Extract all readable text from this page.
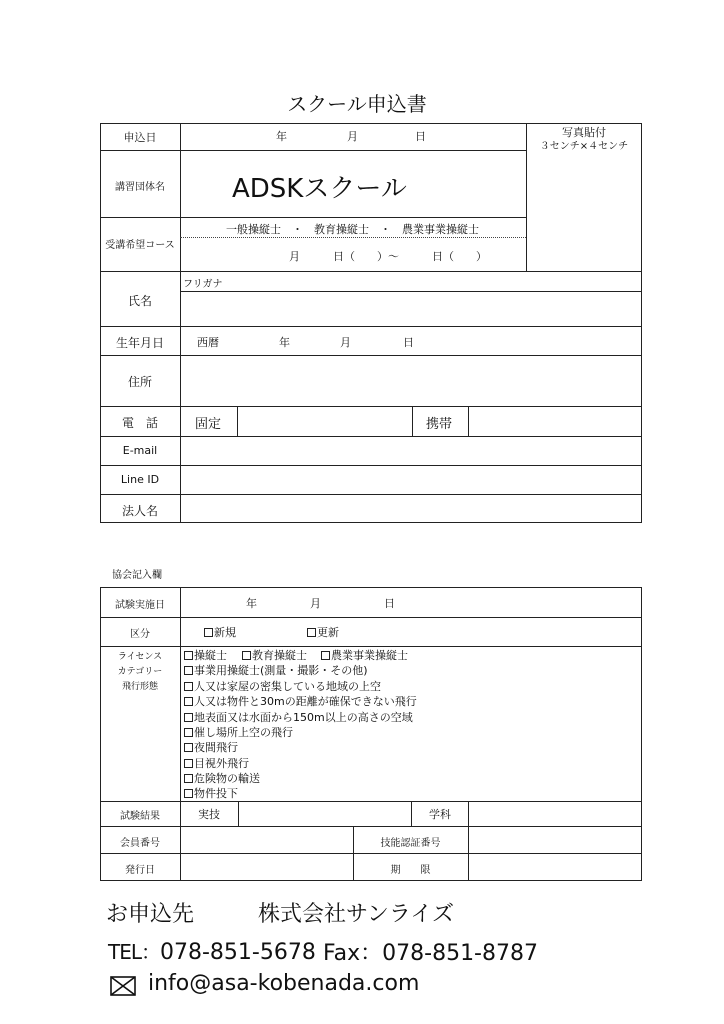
スクール申込書
写真貼付
３センチ×４センチ
申込日	年	月	日
講習団体名	ADSKスクール
受講希望コース
一般操縦士　・　教育操縦士　・　農業事業操縦士
月　　　日（　　）〜　　　日（　　）
氏名
フリガナ
生年月日	西暦	年	月	日
住所
電　話	固定	携帯
E-mail
Line ID
法人名
協会記入欄
試験実施日	年	月	日
区分	新規	更新
ライセンス
カテゴリー
飛行形態
操縦士	教育操縦士	農業事業操縦士
事業用操縦士(測量・撮影・その他)
人又は家屋の密集している地域の上空
人又は物件と30mの距離が確保できない飛行
地表面又は水面から150m以上の高さの空域
催し場所上空の飛行
夜間飛行
目視外飛行
危険物の輸送
物件投下
試験結果	実技	学科
会員番号	技能認証番号
発行日	期　　限
お申込先	株式会社サンライズ
TEL：078-851-5678 Fax：078-851-8787
info@asa-kobenada.com
